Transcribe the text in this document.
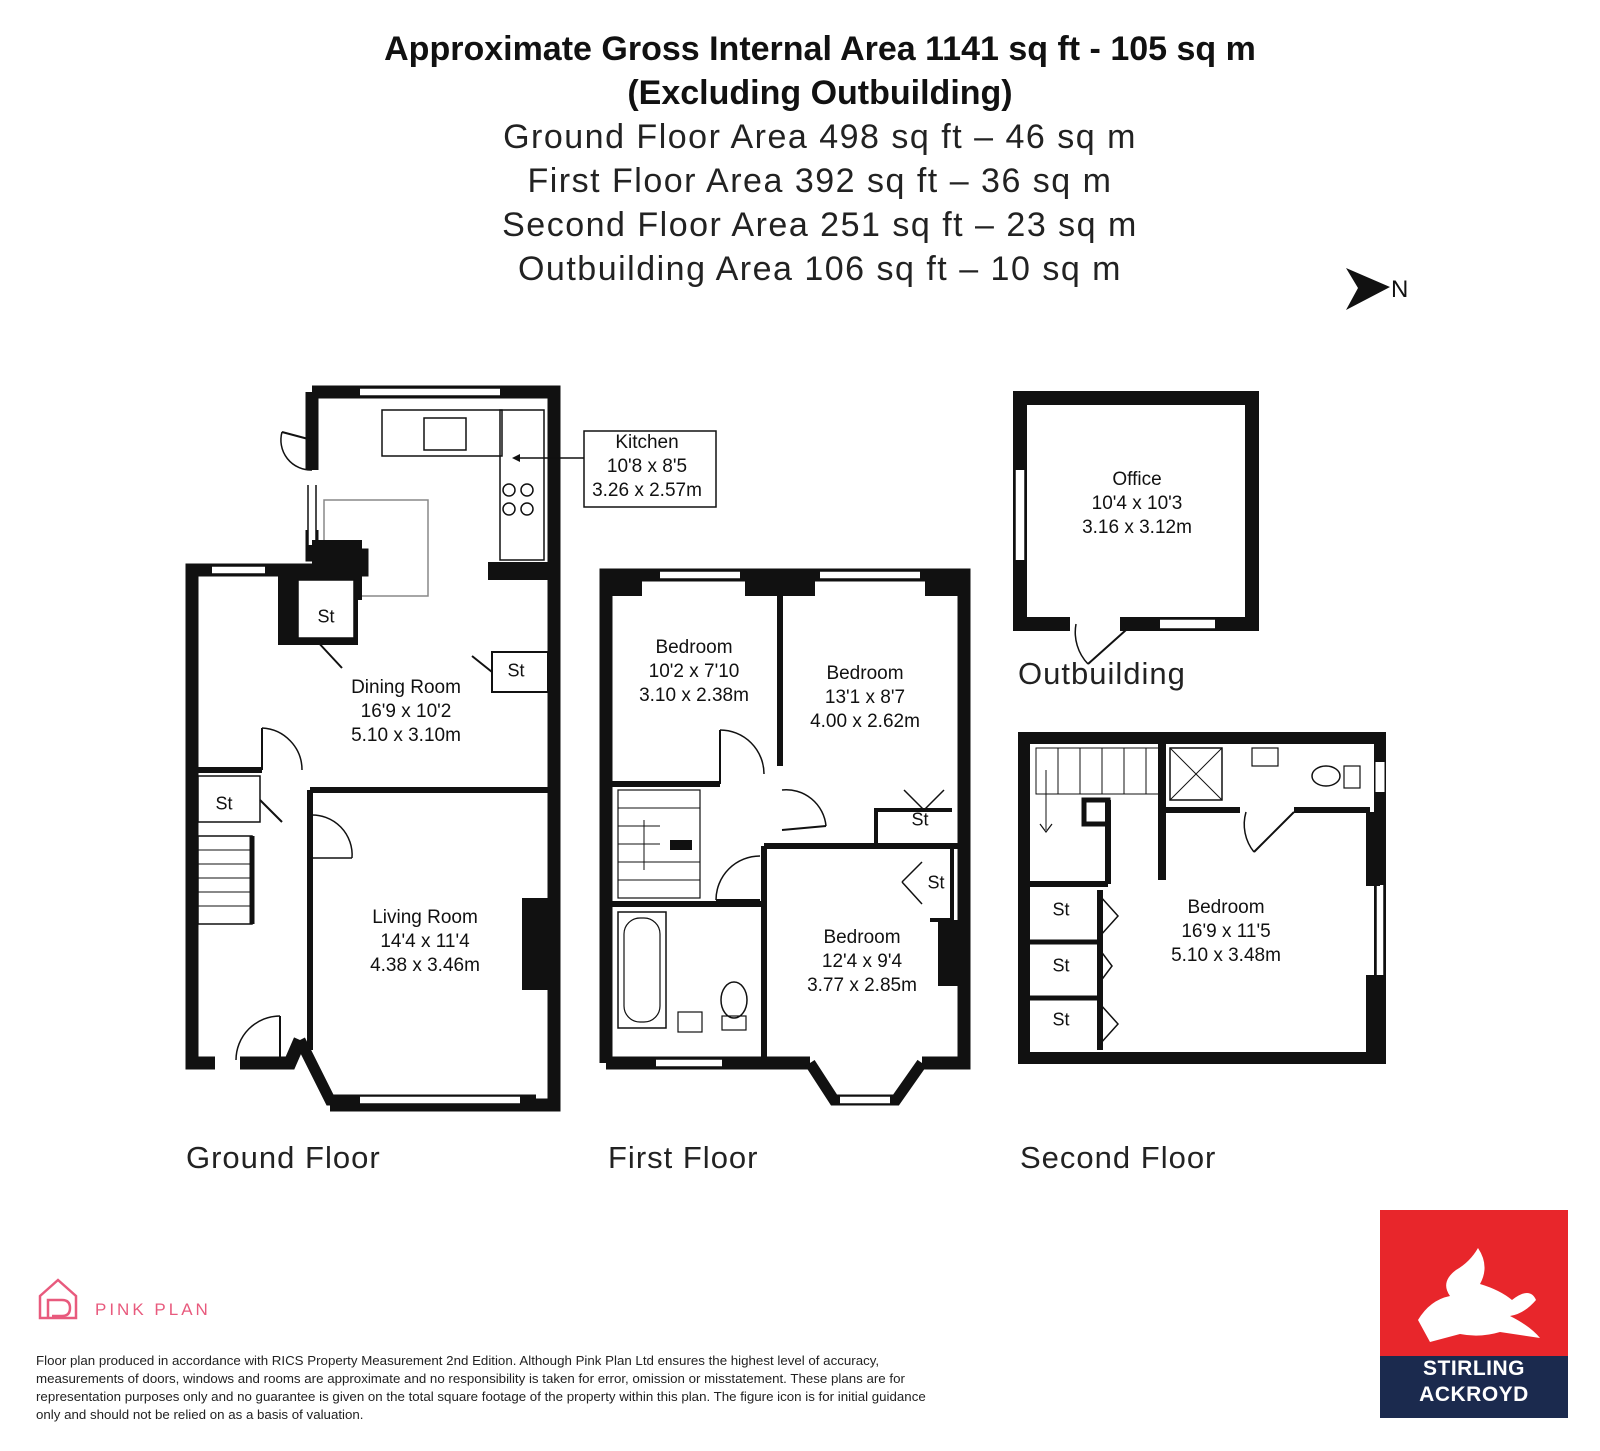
Approximate Gross Internal Area 1141 sq ft - 105 sq m
(Excluding Outbuilding)
Ground Floor Area 498 sq ft – 46 sq m
First Floor Area 392 sq ft – 36 sq m
Second Floor Area 251 sq ft – 23 sq m
Outbuilding Area 106 sq ft – 10 sq m
Kitchen
10'8 x 8'5
3.26 x 2.57m
Dining Room
16'9 x 10'2
5.10 x 3.10m
Living Room
14'4 x 11'4
4.38 x 3.46m
Bedroom
10'2 x 7'10
3.10 x 2.38m
Bedroom
13'1 x 8'7
4.00 x 2.62m
Bedroom
12'4 x 9'4
3.77 x 2.85m
Office
10'4 x 10'3
3.16 x 3.12m
Bedroom
16'9 x 11'5
5.10 x 3.48m
St
St
St
St
St
St
St
St
Ground Floor	First Floor	Second Floor
Outbuilding
N
PINK PLAN
STIRLING
ACKROYD
Floor plan produced in accordance with RICS Property Measurement 2nd Edition. Although Pink Plan Ltd ensures the highest level of accuracy, measurements of doors, windows and rooms are approximate and no responsibility is taken for error, omission or misstatement. These plans are for representation purposes only and no guarantee is given on the total square footage of the property within this plan. The figure icon is for initial guidance only and should not be relied on as a basis of valuation.
